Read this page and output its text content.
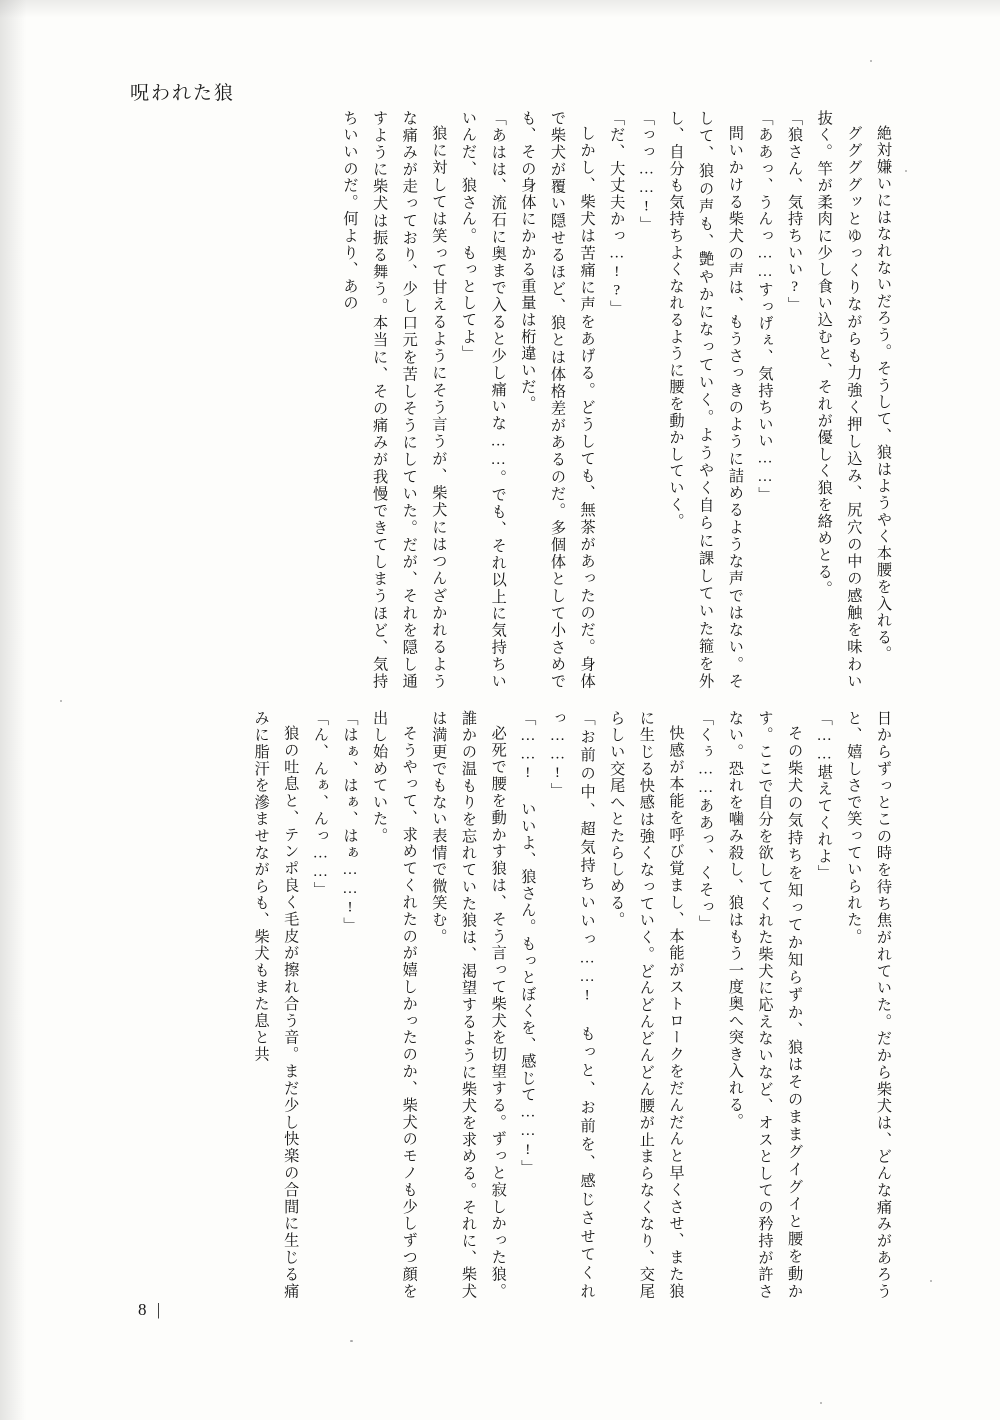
呪われた狼

絶対嫌いにはなれないだろう。そうして、狼はようやく本腰を入れる。

ググググッとゆっくりながらも力強く押し込み、尻穴の中の感触を味わい抜く。竿が柔肉に少し食い込むと、それが優しく狼を絡めとる。

「狼さん、気持ちいい?」

「ああっ、うんっ……すっげぇ、気持ちいい……」

問いかける柴犬の声は、もうさっきのように詰めるような声ではない。そして、狼の声も、艶やかになっていく。ようやく自らに課していた箍を外し、自分も気持ちよくなれるように腰を動かしていく。

「っっ……!」

「だ、大丈夫かっ…!?」

しかし、柴犬は苦痛に声をあげる。どうしても、無茶があったのだ。身体で柴犬が覆い隠せるほど、狼とは体格差があるのだ。多個体として小さめでも、その身体にかかる重量は桁違いだ。

「あはは、流石に奥まで入ると少し痛いな……。でも、それ以上に気持ちいいんだ、狼さん。もっとしてよ」

狼に対しては笑って甘えるようにそう言うが、柴犬にはつんざかれるような痛みが走っており、少し口元を苦しそうにしていた。だが、それを隠し通すように柴犬は振る舞う。本当に、その痛みが我慢できてしまうほど、気持ちいいのだ。何より、あの

日からずっとこの時を待ち焦がれていた。だから柴犬は、どんな痛みがあろうと、嬉しさで笑っていられた。

「……堪えてくれよ」

その柴犬の気持ちを知ってか知らずか、狼はそのままグイグイと腰を動かす。ここで自分を欲してくれた柴犬に応えないなど、オスとしての矜持が許さない。恐れを噛み殺し、狼はもう一度奥へ突き入れる。

「くぅ……ああっ、くそっ」

快感が本能を呼び覚まし、本能がストロークをだんだんと早くさせ、また狼に生じる快感は強くなっていく。どんどんどんどん腰が止まらなくなり、交尾らしい交尾へとたらしめる。

「お前の中、超気持ちいいっ……! もっと、お前を、感じさせてくれっ……!」

「……! いいよ、狼さん。もっとぼくを、感じて……!」

必死で腰を動かす狼は、そう言って柴犬を切望する。ずっと寂しかった狼。誰かの温もりを忘れていた狼は、渇望するように柴犬を求める。それに、柴犬は満更でもない表情で微笑む。

そうやって、求めてくれたのが嬉しかったのか、柴犬のモノも少しずつ顔を出し始めていた。

「はぁ、はぁ、はぁ……!」

「ん、んぁ、んっ……」

狼の吐息と、テンポ良く毛皮が擦れ合う音。まだ少し快楽の合間に生じる痛みに脂汗を滲ませながらも、柴犬もまた息と共

8 |
